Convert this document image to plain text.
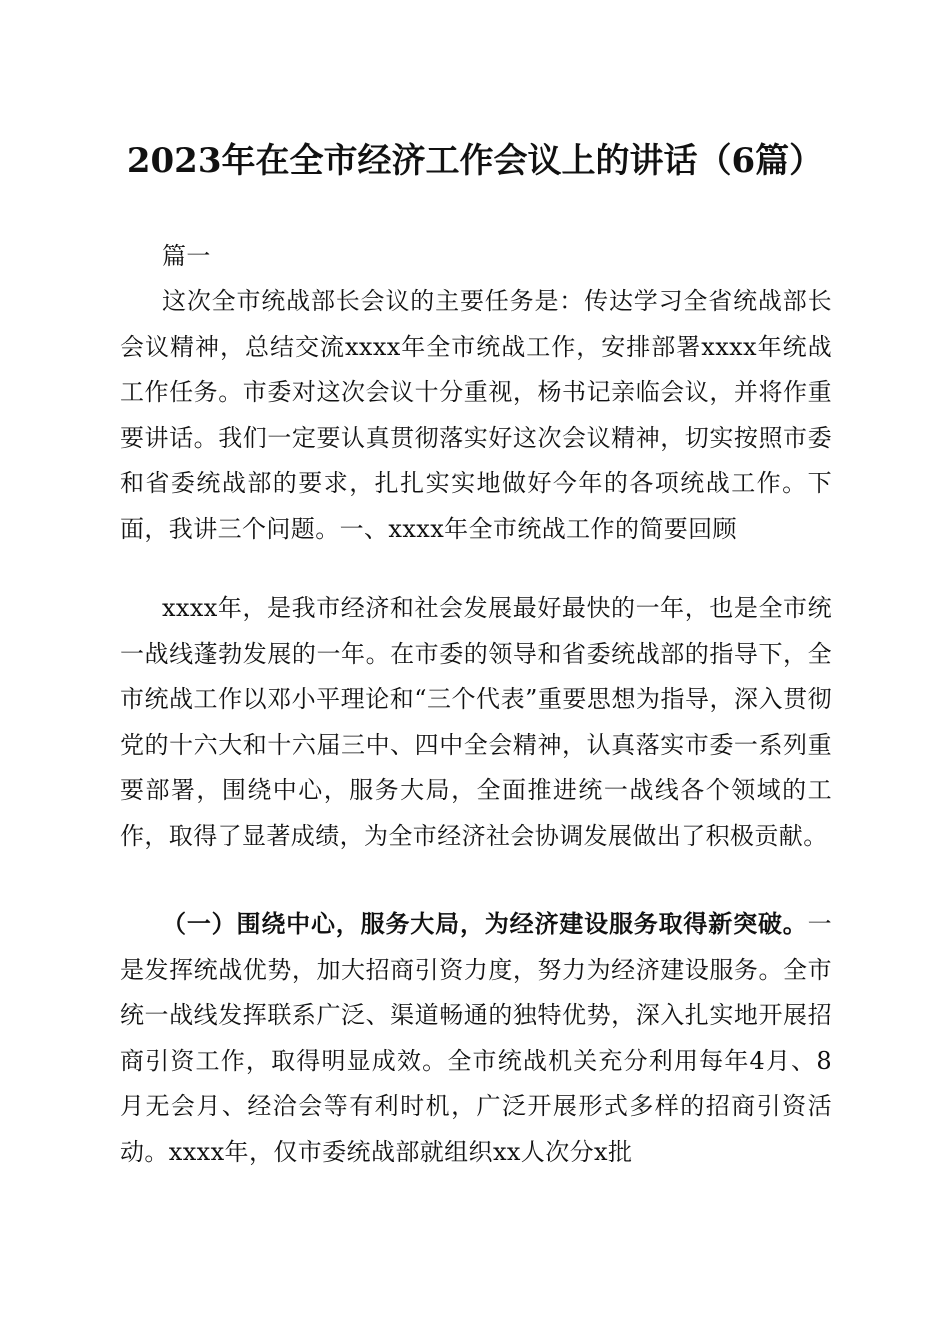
2023年在全市经济工作会议上的讲话（6篇）

篇一

这次全市统战部长会议的主要任务是：传达学习全省统战部长会议精神，总结交流xxxx年全市统战工作，安排部署xxxx年统战工作任务。市委对这次会议十分重视，杨书记亲临会议，并将作重要讲话。我们一定要认真贯彻落实好这次会议精神，切实按照市委和省委统战部的要求，扎扎实实地做好今年的各项统战工作。下面，我讲三个问题。一、xxxx年全市统战工作的简要回顾

xxxx年，是我市经济和社会发展最好最快的一年，也是全市统一战线蓬勃发展的一年。在市委的领导和省委统战部的指导下，全市统战工作以邓小平理论和“三个代表”重要思想为指导，深入贯彻党的十六大和十六届三中、四中全会精神，认真落实市委一系列重要部署，围绕中心，服务大局，全面推进统一战线各个领域的工作，取得了显著成绩，为全市经济社会协调发展做出了积极贡献。

（一）围绕中心，服务大局，为经济建设服务取得新突破。一是发挥统战优势，加大招商引资力度，努力为经济建设服务。全市统一战线发挥联系广泛、渠道畅通的独特优势，深入扎实地开展招商引资工作，取得明显成效。全市统战机关充分利用每年4月、8月无会月、经洽会等有利时机，广泛开展形式多样的招商引资活动。xxxx年，仅市委统战部就组织xx人次分x批
